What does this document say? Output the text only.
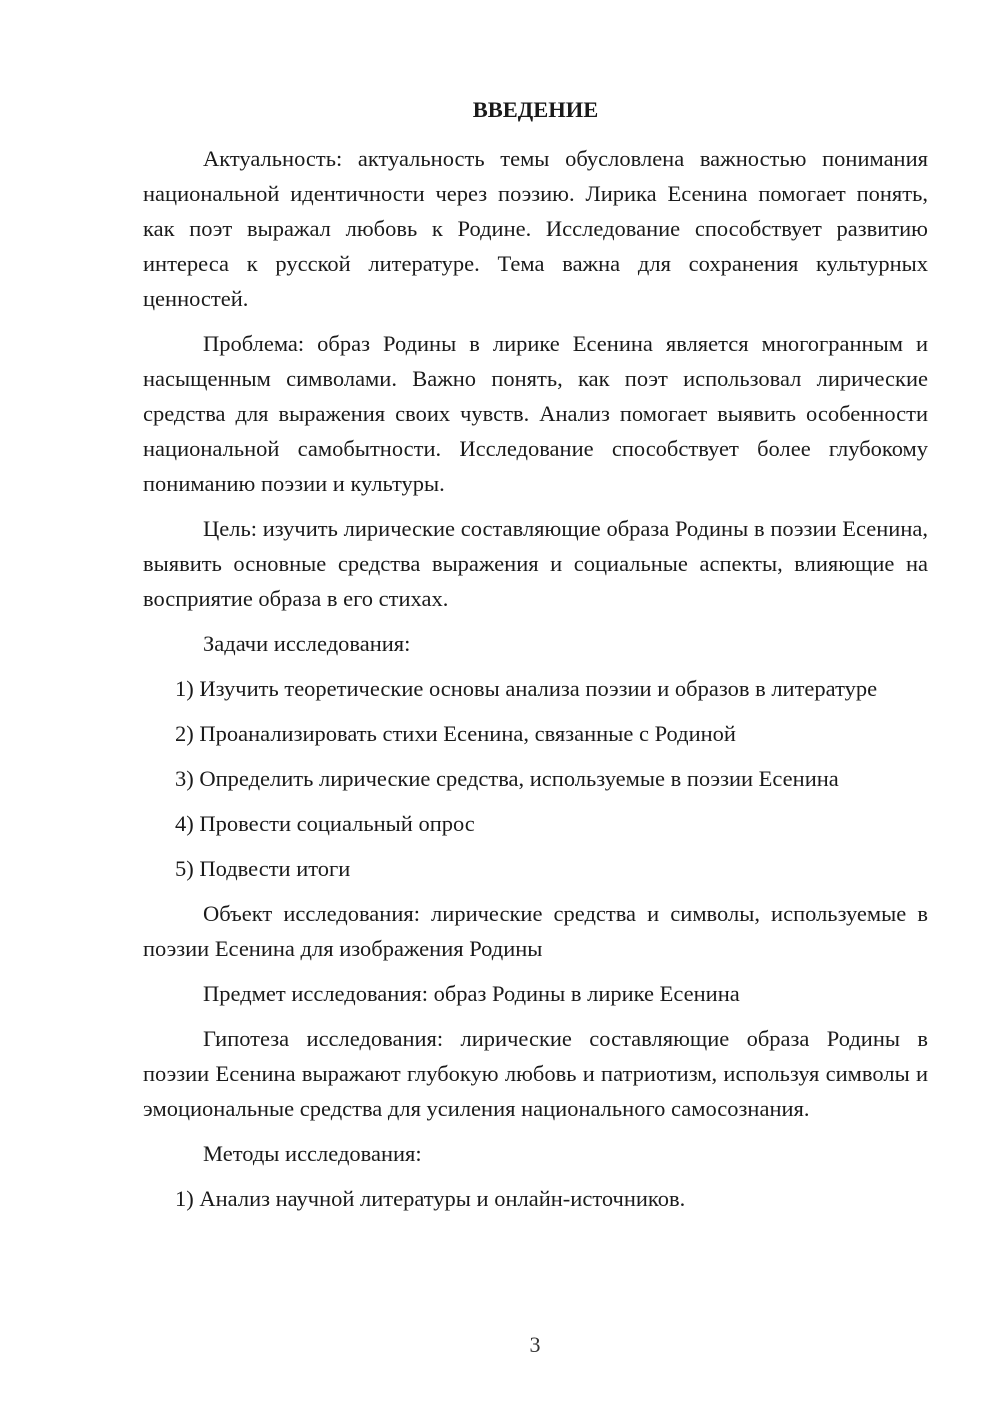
ВВЕДЕНИЕ

Актуальность: актуальность темы обусловлена важностью понимания национальной идентичности через поэзию. Лирика Есенина помогает понять, как поэт выражал любовь к Родине. Исследование способствует развитию интереса к русской литературе. Тема важна для сохранения культурных ценностей.

Проблема: образ Родины в лирике Есенина является многогранным и насыщенным символами. Важно понять, как поэт использовал лирические средства для выражения своих чувств. Анализ помогает выявить особенности национальной самобытности. Исследование способствует более глубокому пониманию поэзии и культуры.

Цель: изучить лирические составляющие образа Родины в поэзии Есенина, выявить основные средства выражения и социальные аспекты, влияющие на восприятие образа в его стихах.

Задачи исследования:

1) Изучить теоретические основы анализа поэзии и образов в литературе

2) Проанализировать стихи Есенина, связанные с Родиной

3) Определить лирические средства, используемые в поэзии Есенина

4) Провести социальный опрос

5) Подвести итоги

Объект исследования: лирические средства и символы, используемые в поэзии Есенина для изображения Родины

Предмет исследования: образ Родины в лирике Есенина

Гипотеза исследования: лирические составляющие образа Родины в поэзии Есенина выражают глубокую любовь и патриотизм, используя символы и эмоциональные средства для усиления национального самосознания.

Методы исследования:

1) Анализ научной литературы и онлайн-источников.

3
